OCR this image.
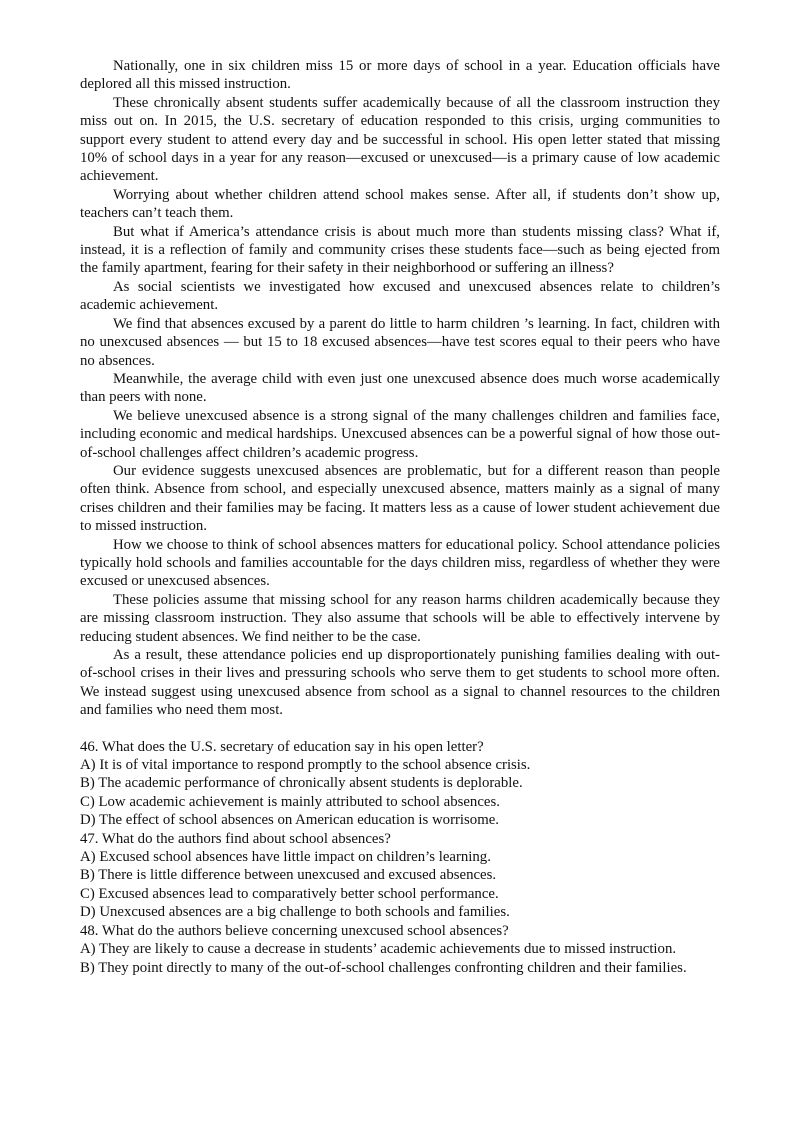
Nationally, one in six children miss 15 or more days of school in a year. Education officials have deplored all this missed instruction.

These chronically absent students suffer academically because of all the classroom instruction they miss out on. In 2015, the U.S. secretary of education responded to this crisis, urging communities to support every student to attend every day and be successful in school. His open letter stated that missing 10% of school days in a year for any reason—excused or unexcused—is a primary cause of low academic achievement.

Worrying about whether children attend school makes sense. After all, if students don’t show up, teachers can’t teach them.

But what if America’s attendance crisis is about much more than students missing class? What if, instead, it is a reflection of family and community crises these students face—such as being ejected from the family apartment, fearing for their safety in their neighborhood or suffering an illness?

As social scientists we investigated how excused and unexcused absences relate to children’s academic achievement.

We find that absences excused by a parent do little to harm children ’s learning. In fact, children with no unexcused absences — but 15 to 18 excused absences—have test scores equal to their peers who have no absences.

Meanwhile, the average child with even just one unexcused absence does much worse academically than peers with none.

We believe unexcused absence is a strong signal of the many challenges children and families face, including economic and medical hardships. Unexcused absences can be a powerful signal of how those out-of-school challenges affect children’s academic progress.

Our evidence suggests unexcused absences are problematic, but for a different reason than people often think. Absence from school, and especially unexcused absence, matters mainly as a signal of many crises children and their families may be facing. It matters less as a cause of lower student achievement due to missed instruction.

How we choose to think of school absences matters for educational policy. School attendance policies typically hold schools and families accountable for the days children miss, regardless of whether they were excused or unexcused absences.

These policies assume that missing school for any reason harms children academically because they are missing classroom instruction. They also assume that schools will be able to effectively intervene by reducing student absences. We find neither to be the case.

As a result, these attendance policies end up disproportionately punishing families dealing with out-of-school crises in their lives and pressuring schools who serve them to get students to school more often. We instead suggest using unexcused absence from school as a signal to channel resources to the children and families who need them most.

46. What does the U.S. secretary of education say in his open letter?

A) It is of vital importance to respond promptly to the school absence crisis.

B) The academic performance of chronically absent students is deplorable.

C) Low academic achievement is mainly attributed to school absences.

D) The effect of school absences on American education is worrisome.

47. What do the authors find about school absences?

A) Excused school absences have little impact on children’s learning.

B) There is little difference between unexcused and excused absences.

C) Excused absences lead to comparatively better school performance.

D) Unexcused absences are a big challenge to both schools and families.

48. What do the authors believe concerning unexcused school absences?

A) They are likely to cause a decrease in students’ academic achievements due to missed instruction.

B) They point directly to many of the out-of-school challenges confronting children and their families.
